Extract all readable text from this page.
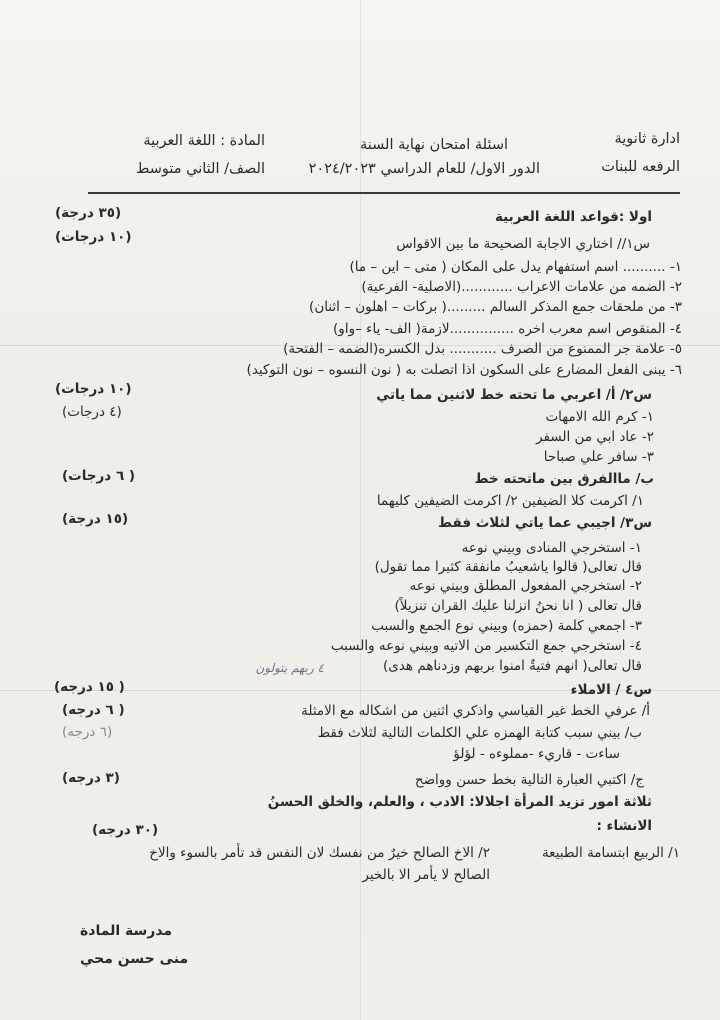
ادارة ثانوية
الرفعه للبنات
اسئلة امتحان نهاية السنة
الدور الاول/ للعام الدراسي ٢٠٢٤/٢٠٢٣
المادة : اللغة العربية
الصف/ الثاني متوسط
اولا :قواعد اللغة العربية
(٣٥ درجة)
(١٠ درجات)	س١// اختاري الاجابة الصحيحة ما بين الاقواس
١- .......... اسم استفهام يدل على المكان ( متى – اين – ما)
٢- الضمه من علامات الاعراب ............(الاصلية- الفرعية)
٣- من ملحقات جمع المذكر السالم .........( بركات – اهلون – اثنان)
٤- المنقوص اسم معرب اخره ...............لازمة( الف- ياء –واو)
٥- علامة جر الممنوع من الصرف ........... بدل الكسره(الضمه – الفتحة)
٦- يبنى الفعل المضارع على السكون اذا اتصلت به ( نون النسوه – نون التوكيد)
س٢/ أ/ اعربي ما تحته خط لاثنين مما ياتي
(١٠ درجات)
(٤ درجات)	١- كرم الله الامهات
٢- عاد ابي من السفر
٣- سافر علي صباحا
ب/ ماالفرق بين ماتحته خط
( ٦ درجات)
١/ اكرمت كلا الضيفين ٢/ اكرمت الضيفين كليهما
س٣/ اجيبي عما ياتي لثلاث فقط
(١٥ درجة)
١- استخرجي المنادى وبيني نوعه
قال تعالى( قالوا ياشعيبُ مانفقة كثيرا مما تقول)
٢- استخرجي المفعول المطلق وبيني نوعه
قال تعالى ( انا نحنُ انزلنا عليك القران تنزيلاً)
٣- اجمعي كلمة (حمزه) وبيني نوع الجمع والسبب
٤- استخرجي جمع التكسير من الاتيه وبيني نوعه والسبب
قال تعالى( انهم فتيةٌ امنوا بربهم وزدناهم هدى)
٤ ربهم يتولون
س٤ / الاملاء
( ١٥ درجه)
أ/ عرفي الخط غير القياسي واذكري اثنين من اشكاله مع الامثلة
( ٦ درجه)
ب/ بيني سبب كتابة الهمزه علي الكلمات التالية لثلاث فقط
(٦ درجه)
ساءت - قاريء -مملوءه - لؤلؤ
ج/ اكتبي العبارة التالية بخط حسن وواضح
(٣ درجه)
ثلاثة امور تزيد المرأة اجلالا: الادب ، والعلم، والخلق الحسنُ
الانشاء :
(٣٠ درجه)
١/ الربيع ابتسامة الطبيعة
٢/ الاخ الصالح خيرٌ من نفسك لان النفس قد تأمر بالسوء والاخ
الصالح لا يأمر الا بالخير
مدرسة المادة
منى حسن محي
